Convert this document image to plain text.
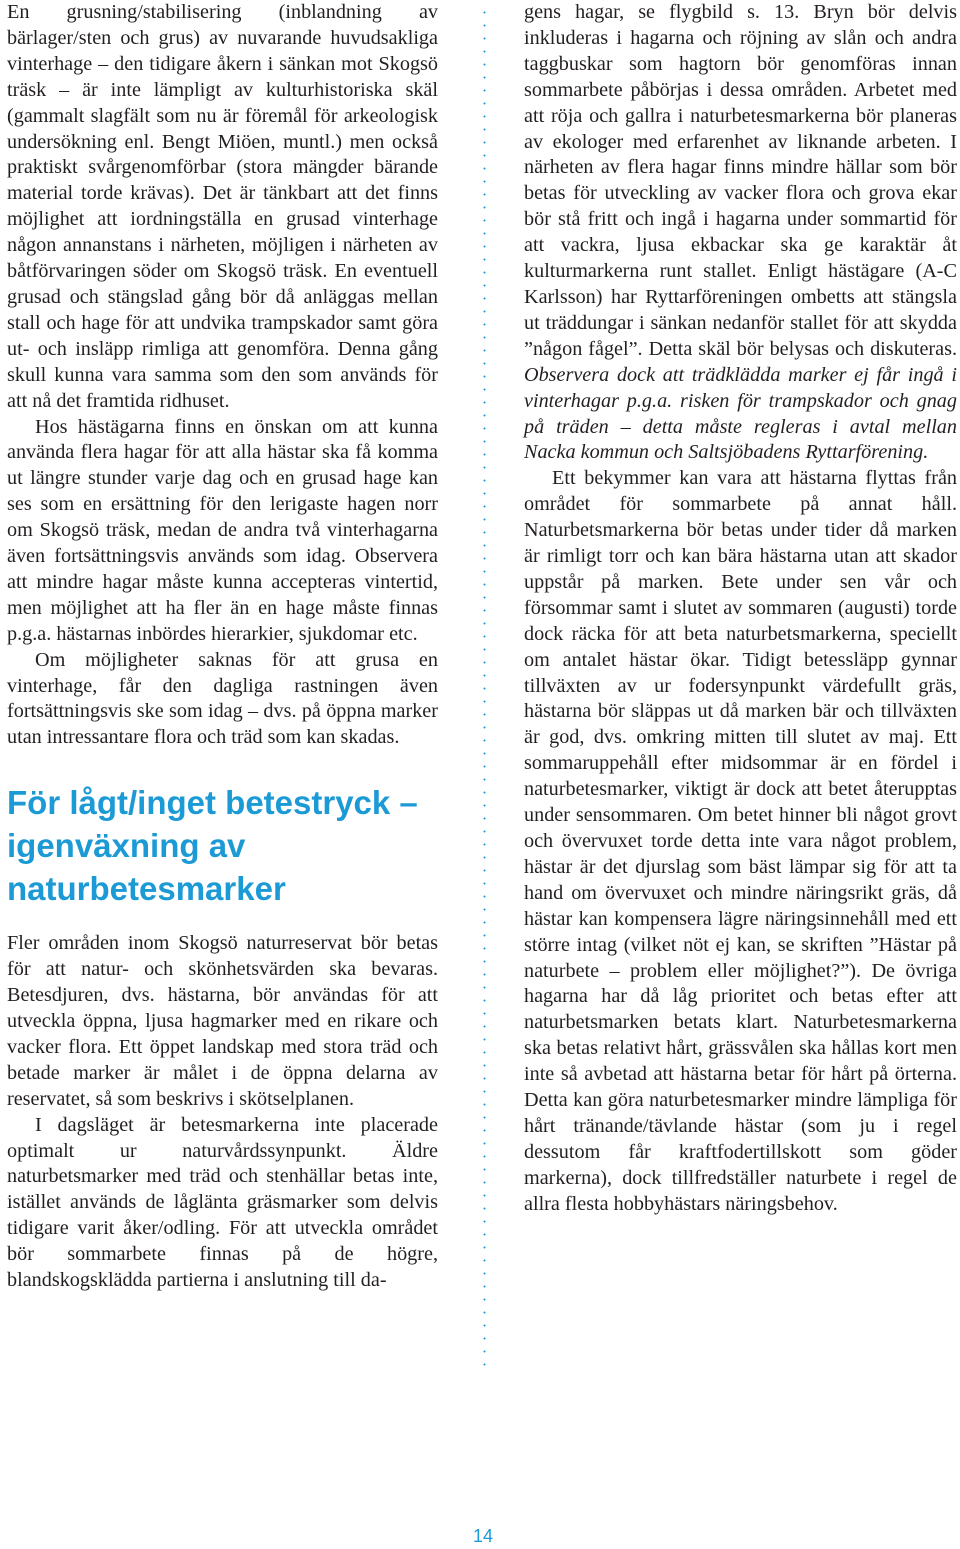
En grusning/stabilisering (inblandning av bärlager/sten och grus) av nuvarande huvudsakliga vinterhage – den tidigare åkern i sänkan mot Skogsö träsk – är inte lämpligt av kulturhistoriska skäl (gammalt slagfält som nu är föremål för arkeologisk undersökning enl. Bengt Miöen, muntl.) men också praktiskt svårgenomförbar (stora mängder bärande material torde krävas). Det är tänkbart att det finns möjlighet att iordningställa en grusad vinterhage någon annanstans i närheten, möjligen i närheten av båtförvaringen söder om Skogsö träsk. En eventuell grusad och stängslad gång bör då anläggas mellan stall och hage för att undvika trampskador samt göra ut- och insläpp rimliga att genomföra. Denna gång skull kunna vara samma som den som används för att nå det framtida ridhuset.

Hos hästägarna finns en önskan om att kunna använda flera hagar för att alla hästar ska få komma ut längre stunder varje dag och en grusad hage kan ses som en ersättning för den lerigaste hagen norr om Skogsö träsk, medan de andra två vinterhagarna även fortsättningsvis används som idag. Observera att mindre hagar måste kunna accepteras vintertid, men möjlighet att ha fler än en hage måste finnas p.g.a. hästarnas inbördes hierarkier, sjukdomar etc.

Om möjligheter saknas för att grusa en vinterhage, får den dagliga rastningen även fortsättningsvis ske som idag – dvs. på öppna marker utan intressantare flora och träd som kan skadas.

För lågt/inget betestryck – igenväxning av naturbetesmarker

Fler områden inom Skogsö naturreservat bör betas för att natur- och skönhetsvärden ska bevaras. Betesdjuren, dvs. hästarna, bör användas för att utveckla öppna, ljusa hagmarker med en rikare och vacker flora. Ett öppet landskap med stora träd och betade marker är målet i de öppna delarna av reservatet, så som beskrivs i skötselplanen.

I dagsläget är betesmarkerna inte placerade optimalt ur naturvårdssynpunkt. Äldre naturbetsmarker med träd och stenhällar betas inte, istället används de låglänta gräsmarker som delvis tidigare varit åker/odling. För att utveckla området bör sommarbete finnas på de högre, blandskogsklädda partierna i anslutning till da-

gens hagar, se flygbild s. 13. Bryn bör delvis inkluderas i hagarna och röjning av slån och andra taggbuskar som hagtorn bör genomföras innan sommarbete påbörjas i dessa områden. Arbetet med att röja och gallra i naturbetesmarkerna bör planeras av ekologer med erfarenhet av liknande arbeten. I närheten av flera hagar finns mindre hällar som bör betas för utveckling av vacker flora och grova ekar bör stå fritt och ingå i hagarna under sommartid för att vackra, ljusa ekbackar ska ge karaktär åt kulturmarkerna runt stallet. Enligt hästägare (A-C Karlsson) har Ryttarföreningen ombetts att stängsla ut träddungar i sänkan nedanför stallet för att skydda ”någon fågel”. Detta skäl bör belysas och diskuteras. Observera dock att trädklädda marker ej får ingå i vinterhagar p.g.a. risken för trampskador och gnag på träden – detta måste regleras i avtal mellan Nacka kommun och Saltsjöbadens Ryttarförening.

Ett bekymmer kan vara att hästarna flyttas från området för sommarbete på annat håll. Naturbetsmarkerna bör betas under tider då marken är rimligt torr och kan bära hästarna utan att skador uppstår på marken. Bete under sen vår och försommar samt i slutet av sommaren (augusti) torde dock räcka för att beta naturbetsmarkerna, speciellt om antalet hästar ökar. Tidigt betessläpp gynnar tillväxten av ur fodersynpunkt värdefullt gräs, hästarna bör släppas ut då marken bär och tillväxten är god, dvs. omkring mitten till slutet av maj. Ett sommaruppehåll efter midsommar är en fördel i naturbetesmarker, viktigt är dock att betet återupptas under sensommaren. Om betet hinner bli något grovt och övervuxet torde detta inte vara något problem, hästar är det djurslag som bäst lämpar sig för att ta hand om övervuxet och mindre näringsrikt gräs, då hästar kan kompensera lägre näringsinnehåll med ett större intag (vilket nöt ej kan, se skriften ”Hästar på naturbete – problem eller möjlighet?”). De övriga hagarna har då låg prioritet och betas efter att naturbetsmarken betats klart. Naturbetesmarkerna ska betas relativt hårt, grässvålen ska hållas kort men inte så avbetad att hästarna betar för hårt på örterna. Detta kan göra naturbetesmarker mindre lämpliga för hårt tränande/tävlande hästar (som ju i regel dessutom får kraftfodertillskott som göder markerna), dock tillfredställer naturbete i regel de allra flesta hobbyhästars näringsbehov.

14
